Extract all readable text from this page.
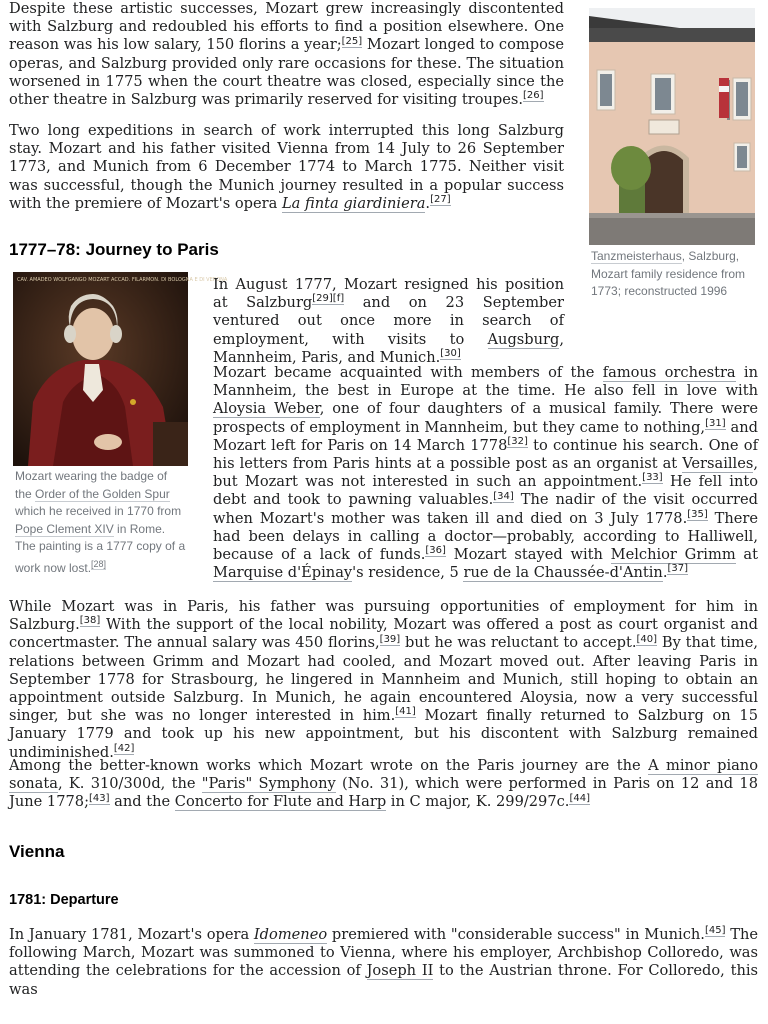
Despite these artistic successes, Mozart grew increasingly discontented with Salzburg and redoubled his efforts to find a position elsewhere. One reason was his low salary, 150 florins a year;[25] Mozart longed to compose operas, and Salzburg provided only rare occasions for these. The situation worsened in 1775 when the court theatre was closed, especially since the other theatre in Salzburg was primarily reserved for visiting troupes.[26]

Two long expeditions in search of work interrupted this long Salzburg stay. Mozart and his father visited Vienna from 14 July to 26 September 1773, and Munich from 6 December 1774 to March 1775. Neither visit was successful, though the Munich journey resulted in a popular success with the premiere of Mozart's opera La finta giardiniera.[27]

Tanzmeisterhaus, Salzburg, Mozart family residence from 1773; reconstructed 1996

1777–78: Journey to Paris
CAV. AMADEO WOLFGANGO MOZART ACCAD. FILARMON. DI BOLOGNA E DI VERONA

Mozart wearing the badge of the Order of the Golden Spur which he received in 1770 from Pope Clement XIV in Rome. The painting is a 1777 copy of a work now lost.[28]

In August 1777, Mozart resigned his position at Salzburg[29][f] and on 23 September ventured out once more in search of employment, with visits to Augsburg, Mannheim, Paris, and Munich.[30]

Mozart became acquainted with members of the famous orchestra in Mannheim, the best in Europe at the time. He also fell in love with Aloysia Weber, one of four daughters of a musical family. There were prospects of employment in Mannheim, but they came to nothing,[31] and Mozart left for Paris on 14 March 1778[32] to continue his search. One of his letters from Paris hints at a possible post as an organist at Versailles, but Mozart was not interested in such an appointment.[33] He fell into debt and took to pawning valuables.[34] The nadir of the visit occurred when Mozart's mother was taken ill and died on 3 July 1778.[35] There had been delays in calling a doctor—probably, according to Halliwell, because of a lack of funds.[36] Mozart stayed with Melchior Grimm at Marquise d'Épinay's residence, 5 rue de la Chaussée-d'Antin.[37]

While Mozart was in Paris, his father was pursuing opportunities of employment for him in Salzburg.[38] With the support of the local nobility, Mozart was offered a post as court organist and concertmaster. The annual salary was 450 florins,[39] but he was reluctant to accept.[40] By that time, relations between Grimm and Mozart had cooled, and Mozart moved out. After leaving Paris in September 1778 for Strasbourg, he lingered in Mannheim and Munich, still hoping to obtain an appointment outside Salzburg. In Munich, he again encountered Aloysia, now a very successful singer, but she was no longer interested in him.[41] Mozart finally returned to Salzburg on 15 January 1779 and took up his new appointment, but his discontent with Salzburg remained undiminished.[42]

Among the better-known works which Mozart wrote on the Paris journey are the A minor piano sonata, K. 310/300d, the "Paris" Symphony (No. 31), which were performed in Paris on 12 and 18 June 1778;[43] and the Concerto for Flute and Harp in C major, K. 299/297c.[44]

Vienna
1781: Departure

In January 1781, Mozart's opera Idomeneo premiered with "considerable success" in Munich.[45] The following March, Mozart was summoned to Vienna, where his employer, Archbishop Colloredo, was attending the celebrations for the accession of Joseph II to the Austrian throne. For Colloredo, this was
